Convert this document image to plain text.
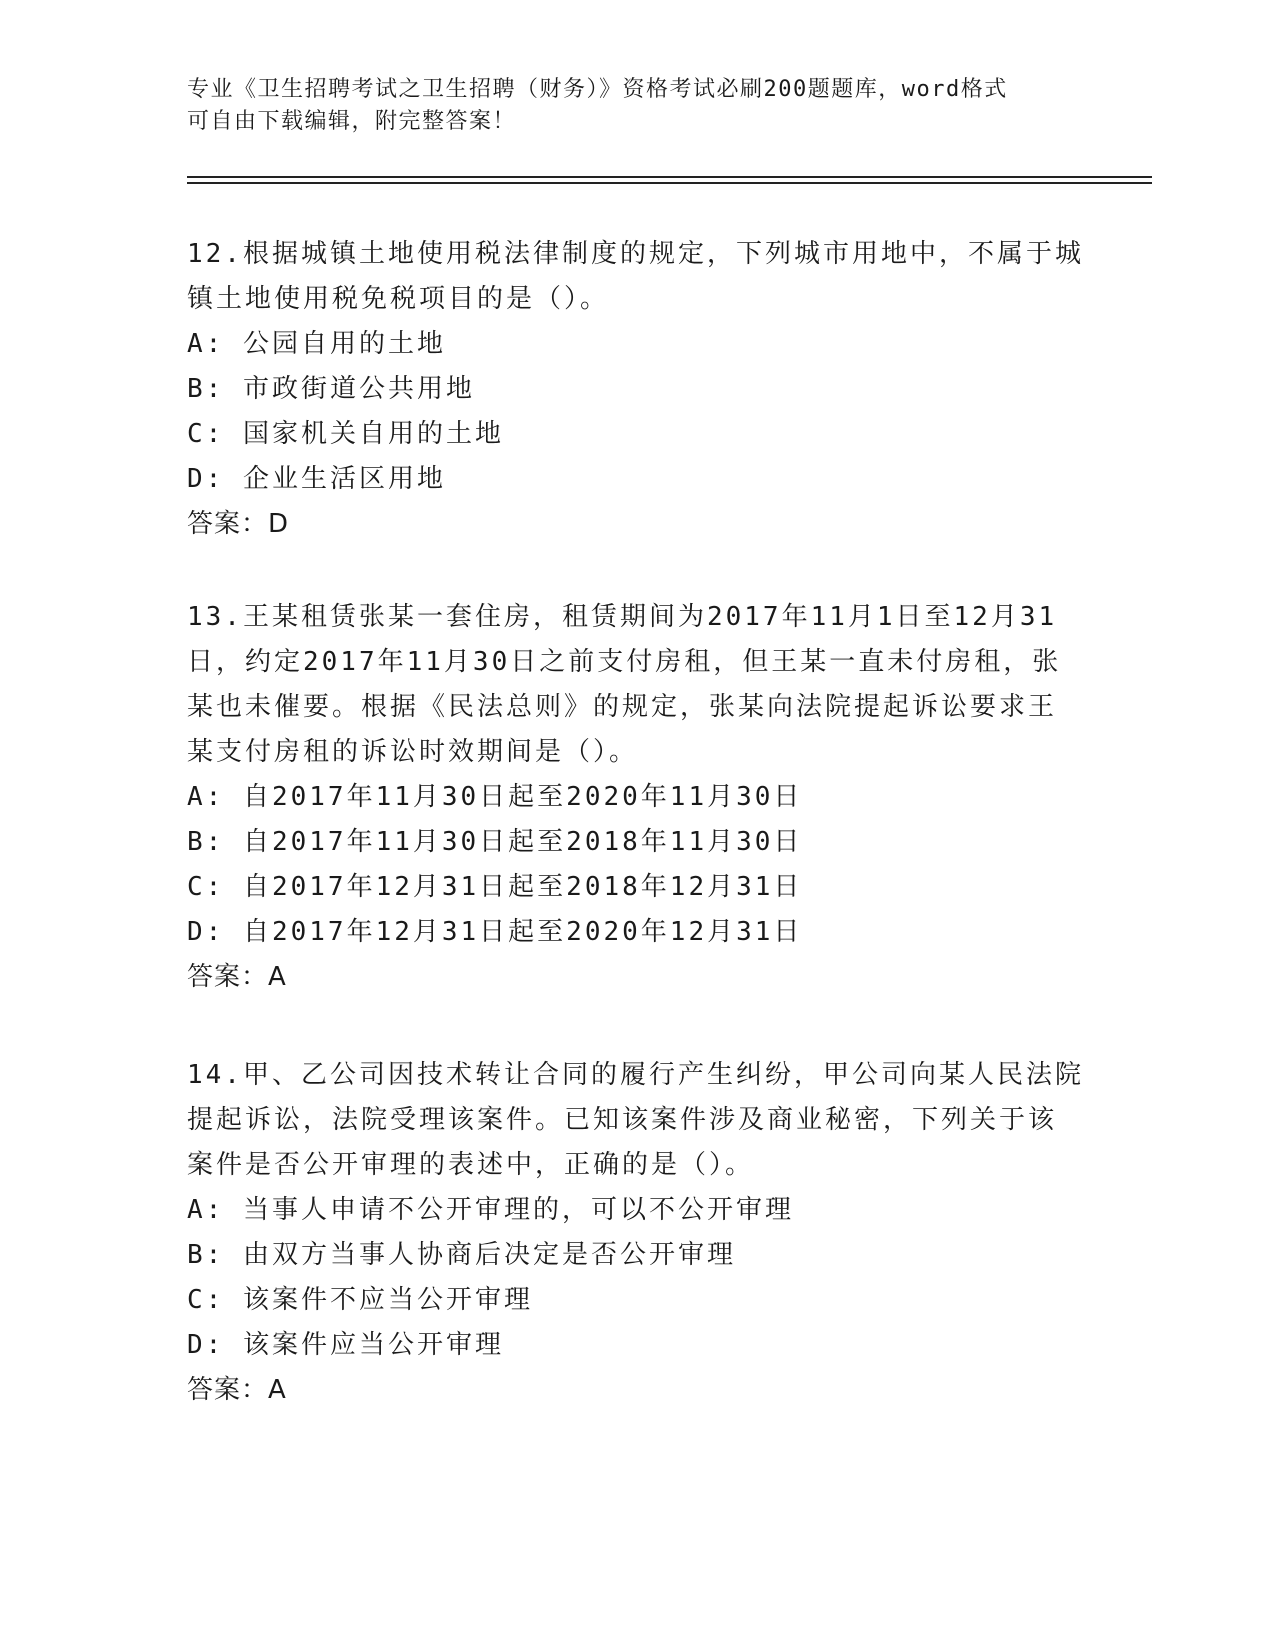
专业《卫生招聘考试之卫生招聘（财务）》资格考试必刷200题题库，word格式
可自由下载编辑，附完整答案！
12.根据城镇土地使用税法律制度的规定，下列城市用地中，不属于城
镇土地使用税免税项目的是（）。
A: 公园自用的土地
B: 市政街道公共用地
C: 国家机关自用的土地
D: 企业生活区用地
答案：D
13.王某租赁张某一套住房，租赁期间为2017年11月1日至12月31
日，约定2017年11月30日之前支付房租，但王某一直未付房租，张
某也未催要。根据《民法总则》的规定，张某向法院提起诉讼要求王
某支付房租的诉讼时效期间是（）。
A: 自2017年11月30日起至2020年11月30日
B: 自2017年11月30日起至2018年11月30日
C: 自2017年12月31日起至2018年12月31日
D: 自2017年12月31日起至2020年12月31日
答案：A
14.甲、乙公司因技术转让合同的履行产生纠纷，甲公司向某人民法院
提起诉讼，法院受理该案件。已知该案件涉及商业秘密，下列关于该
案件是否公开审理的表述中，正确的是（）。
A: 当事人申请不公开审理的，可以不公开审理
B: 由双方当事人协商后决定是否公开审理
C: 该案件不应当公开审理
D: 该案件应当公开审理
答案：A
